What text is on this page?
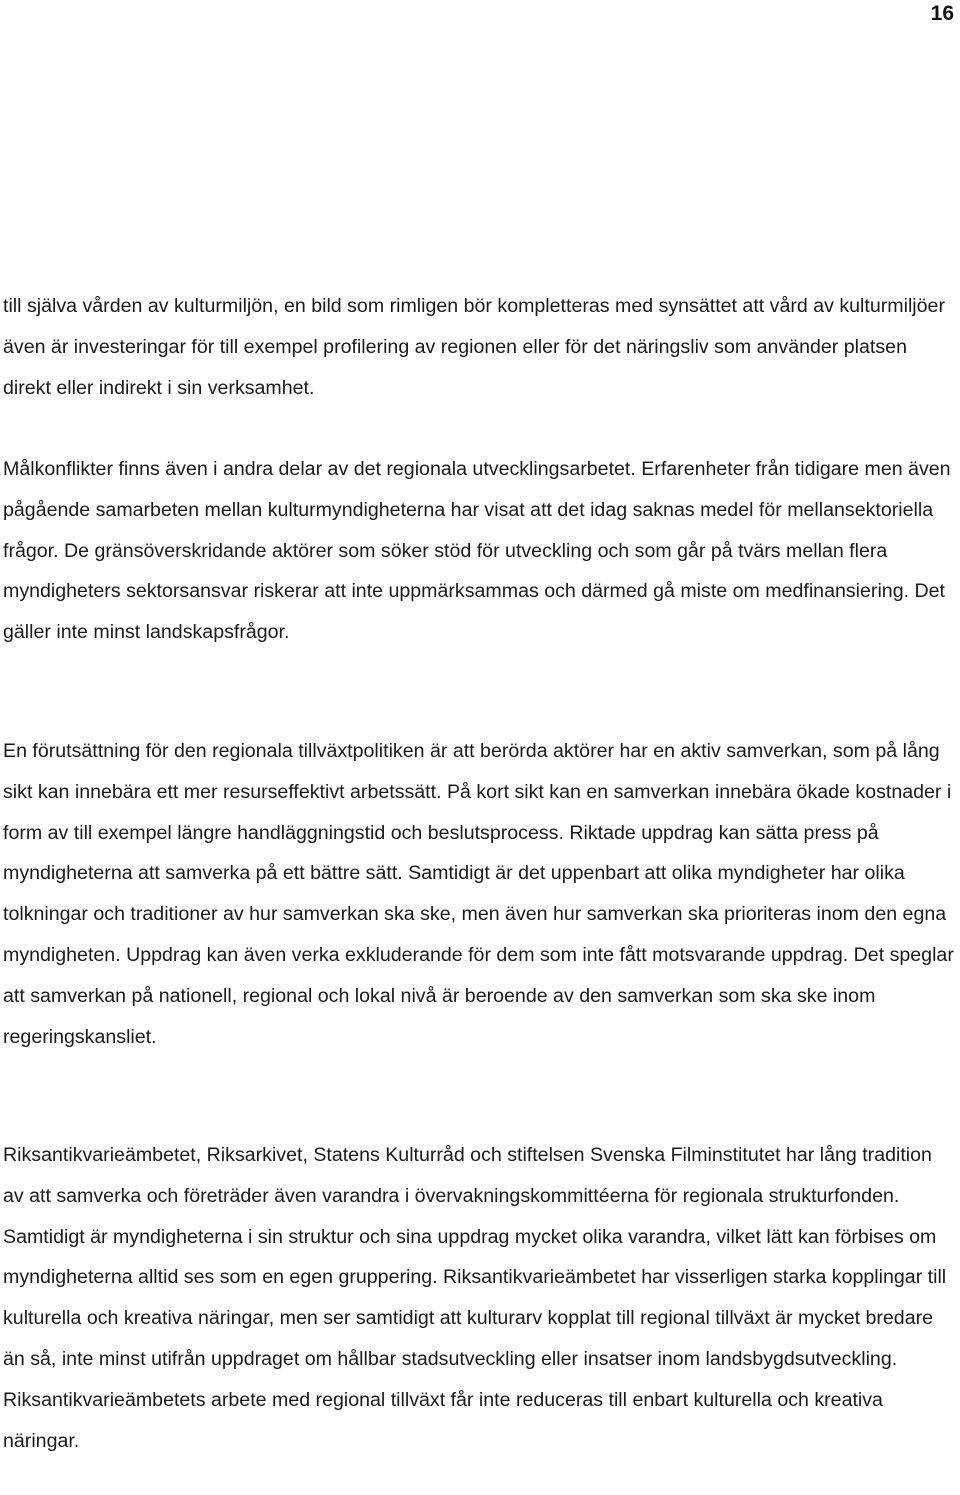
16

till själva vården av kulturmiljön, en bild som rimligen bör kompletteras med synsättet att vård av kulturmiljöer även är investeringar för till exempel profilering av regionen eller för det näringsliv som använder platsen direkt eller indirekt i sin verksamhet.

Målkonflikter finns även i andra delar av det regionala utvecklingsarbetet. Erfarenheter från tidigare men även pågående samarbeten mellan kulturmyndigheterna har visat att det idag saknas medel för mellansektoriella frågor. De gränsöverskridande aktörer som söker stöd för utveckling och som går på tvärs mellan flera myndigheters sektorsansvar riskerar att inte uppmärksammas och därmed gå miste om medfinansiering. Det gäller inte minst landskapsfrågor.

En förutsättning för den regionala tillväxtpolitiken är att berörda aktörer har en aktiv samverkan, som på lång sikt kan innebära ett mer resurseffektivt arbetssätt. På kort sikt kan en samverkan innebära ökade kostnader i form av till exempel längre handläggningstid och beslutsprocess. Riktade uppdrag kan sätta press på myndigheterna att samverka på ett bättre sätt. Samtidigt är det uppenbart att olika myndigheter har olika tolkningar och traditioner av hur samverkan ska ske, men även hur samverkan ska prioriteras inom den egna myndigheten. Uppdrag kan även verka exkluderande för dem som inte fått motsvarande uppdrag. Det speglar att samverkan på nationell, regional och lokal nivå är beroende av den samverkan som ska ske inom regeringskansliet.

Riksantikvarieämbetet, Riksarkivet, Statens Kulturråd och stiftelsen Svenska Filminstitutet har lång tradition av att samverka och företräder även varandra i övervakningskommittéerna för regionala strukturfonden. Samtidigt är myndigheterna i sin struktur och sina uppdrag mycket olika varandra, vilket lätt kan förbises om myndigheterna alltid ses som en egen gruppering. Riksantikvarieämbetet har visserligen starka kopplingar till kulturella och kreativa näringar, men ser samtidigt att kulturarv kopplat till regional tillväxt är mycket bredare än så, inte minst utifrån uppdraget om hållbar stadsutveckling eller insatser inom landsbygdsutveckling. Riksantikvarieämbetets arbete med regional tillväxt får inte reduceras till enbart kulturella och kreativa näringar.
